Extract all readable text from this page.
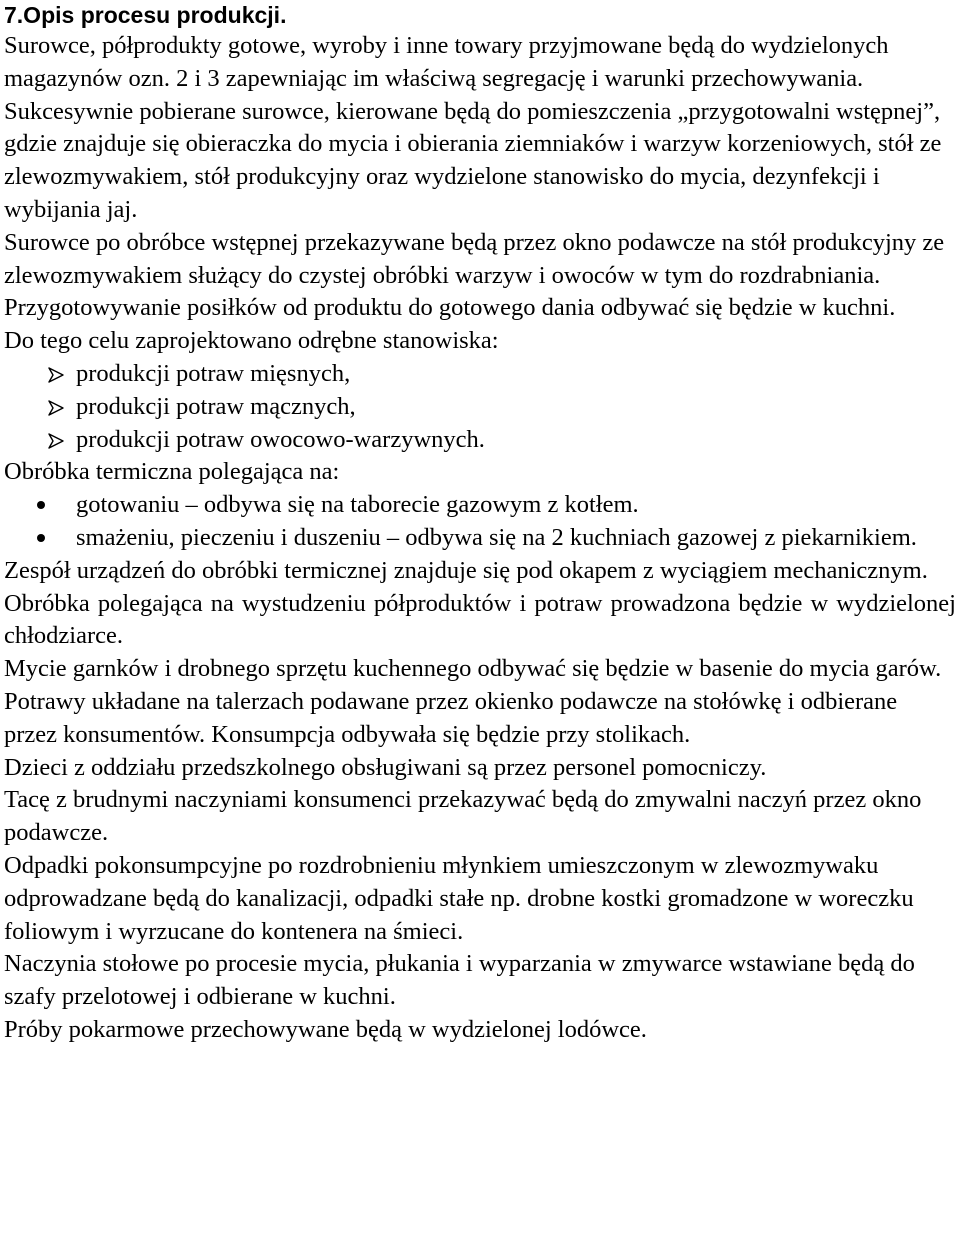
7.Opis procesu produkcji.

Surowce, półprodukty gotowe, wyroby i inne towary przyjmowane będą do wydzielonych magazynów ozn. 2 i 3 zapewniając im właściwą segregację i warunki przechowywania.

Sukcesywnie pobierane surowce, kierowane będą do pomieszczenia „przygotowalni wstępnej”, gdzie znajduje się obieraczka do mycia i obierania ziemniaków i warzyw korzeniowych, stół ze zlewozmywakiem, stół produkcyjny oraz wydzielone stanowisko do mycia, dezynfekcji i wybijania jaj.

Surowce po obróbce wstępnej przekazywane będą przez okno podawcze na stół produkcyjny ze zlewozmywakiem służący do czystej obróbki warzyw i owoców w tym do rozdrabniania.

Przygotowywanie posiłków od produktu do gotowego dania odbywać się będzie w kuchni.

Do tego celu zaprojektowano odrębne stanowiska:

produkcji potraw mięsnych,
produkcji potraw mącznych,
produkcji potraw owocowo-warzywnych.

Obróbka termiczna polegająca na:

gotowaniu – odbywa się na taborecie gazowym z kotłem.
smażeniu, pieczeniu i duszeniu – odbywa się na 2 kuchniach gazowej z piekarnikiem.

Zespół urządzeń do obróbki termicznej znajduje się pod okapem z wyciągiem mechanicznym.

Obróbka polegająca na wystudzeniu półproduktów i potraw prowadzona będzie w wydzielonej chłodziarce.

Mycie garnków i drobnego sprzętu kuchennego odbywać się będzie w basenie do mycia garów.

Potrawy układane na talerzach podawane przez okienko podawcze na stołówkę i odbierane przez konsumentów. Konsumpcja odbywała się będzie przy stolikach.

Dzieci z oddziału przedszkolnego obsługiwani są przez personel pomocniczy.

Tacę z brudnymi naczyniami konsumenci przekazywać będą do zmywalni naczyń przez okno podawcze.

Odpadki pokonsumpcyjne po rozdrobnieniu młynkiem umieszczonym w zlewozmywaku odprowadzane będą do kanalizacji, odpadki stałe np. drobne kostki gromadzone w woreczku foliowym i wyrzucane do kontenera na śmieci.

Naczynia stołowe po procesie mycia, płukania i wyparzania w zmywarce wstawiane będą do szafy przelotowej i odbierane w kuchni.

Próby pokarmowe przechowywane będą w wydzielonej lodówce.
